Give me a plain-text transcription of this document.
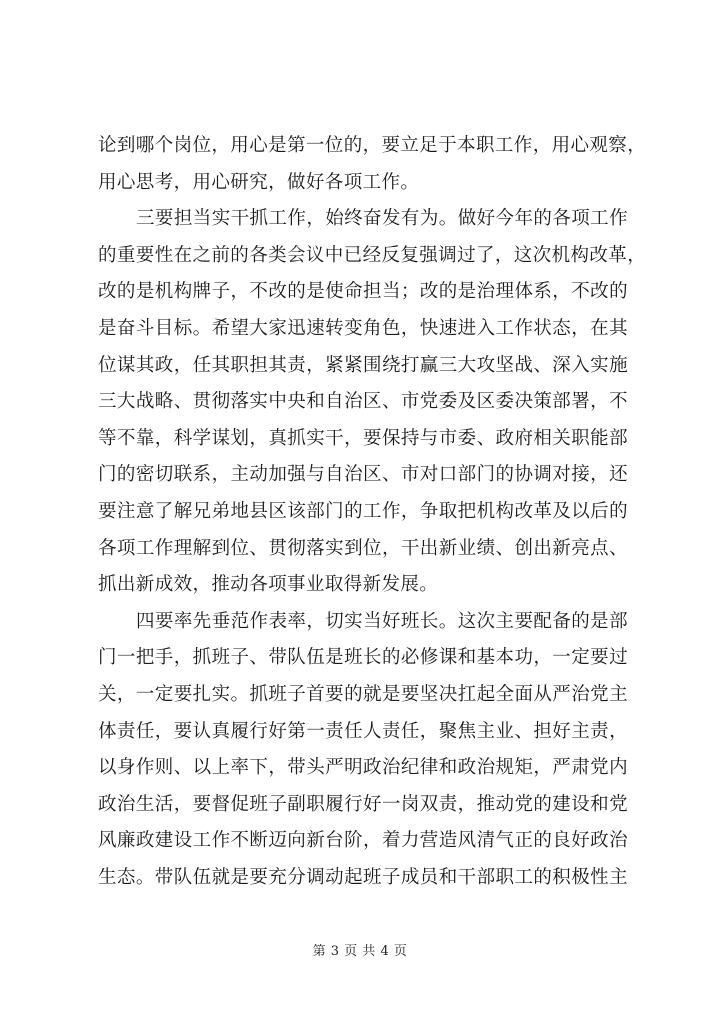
论到哪个岗位，用心是第一位的，要立足于本职工作，用心观察，
用心思考，用心研究，做好各项工作。
三要担当实干抓工作，始终奋发有为。做好今年的各项工作
的重要性在之前的各类会议中已经反复强调过了，这次机构改革，
改的是机构牌子，不改的是使命担当；改的是治理体系，不改的
是奋斗目标。希望大家迅速转变角色，快速进入工作状态，在其
位谋其政，任其职担其责，紧紧围绕打赢三大攻坚战、深入实施
三大战略、贯彻落实中央和自治区、市党委及区委决策部署，不
等不靠，科学谋划，真抓实干，要保持与市委、政府相关职能部
门的密切联系，主动加强与自治区、市对口部门的协调对接，还
要注意了解兄弟地县区该部门的工作，争取把机构改革及以后的
各项工作理解到位、贯彻落实到位，干出新业绩、创出新亮点、
抓出新成效，推动各项事业取得新发展。
四要率先垂范作表率，切实当好班长。这次主要配备的是部
门一把手，抓班子、带队伍是班长的必修课和基本功，一定要过
关，一定要扎实。抓班子首要的就是要坚决扛起全面从严治党主
体责任，要认真履行好第一责任人责任，聚焦主业、担好主责，
以身作则、以上率下，带头严明政治纪律和政治规矩，严肃党内
政治生活，要督促班子副职履行好一岗双责，推动党的建设和党
风廉政建设工作不断迈向新台阶，着力营造风清气正的良好政治
生态。带队伍就是要充分调动起班子成员和干部职工的积极性主
第 3 页 共 4 页
